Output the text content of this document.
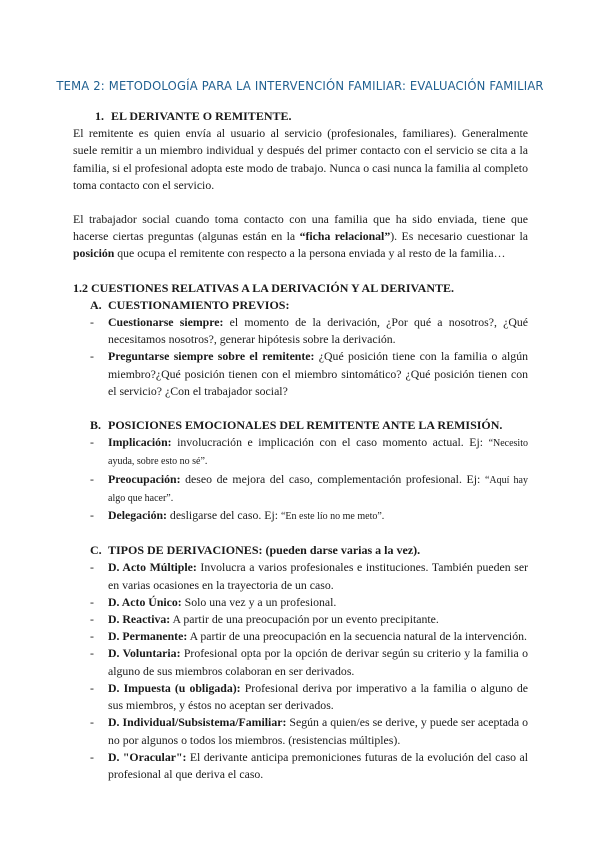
TEMA 2: METODOLOGÍA PARA LA INTERVENCIÓN FAMILIAR: EVALUACIÓN FAMILIAR
1. EL DERIVANTE O REMITENTE.

El remitente es quien envía al usuario al servicio (profesionales, familiares). Generalmente suele remitir a un miembro individual y después del primer contacto con el servicio se cita a la familia, si el profesional adopta este modo de trabajo. Nunca o casi nunca la familia al completo toma contacto con el servicio.

El trabajador social cuando toma contacto con una familia que ha sido enviada, tiene que hacerse ciertas preguntas (algunas están en la “ficha relacional”). Es necesario cuestionar la posición que ocupa el remitente con respecto a la persona enviada y al resto de la familia…

1.2 CUESTIONES RELATIVAS A LA DERIVACIÓN Y AL DERIVANTE.
A. CUESTIONAMIENTO PREVIOS:
- Cuestionarse siempre: el momento de la derivación, ¿Por qué a nosotros?, ¿Qué necesitamos nosotros?, generar hipótesis sobre la derivación.
- Preguntarse siempre sobre el remitente: ¿Qué posición tiene con la familia o algún miembro?¿Qué posición tienen con el miembro sintomático? ¿Qué posición tienen con el servicio? ¿Con el trabajador social?
B. POSICIONES EMOCIONALES DEL REMITENTE ANTE LA REMISIÓN.
- Implicación: involucración e implicación con el caso momento actual. Ej: “Necesito ayuda, sobre esto no sé”.
- Preocupación: deseo de mejora del caso, complementación profesional. Ej: “Aquí hay algo que hacer”.
- Delegación: desligarse del caso. Ej: “En este lío no me meto”.
C. TIPOS DE DERIVACIONES: (pueden darse varias a la vez).
- D. Acto Múltiple: Involucra a varios profesionales e instituciones. También pueden ser en varias ocasiones en la trayectoria de un caso.
- D. Acto Único: Solo una vez y a un profesional.
- D. Reactiva: A partir de una preocupación por un evento precipitante.
- D. Permanente: A partir de una preocupación en la secuencia natural de la intervención.
- D. Voluntaria: Profesional opta por la opción de derivar según su criterio y la familia o alguno de sus miembros colaboran en ser derivados.
- D. Impuesta (u obligada): Profesional deriva por imperativo a la familia o alguno de sus miembros, y éstos no aceptan ser derivados.
- D. Individual/Subsistema/Familiar: Según a quien/es se derive, y puede ser aceptada o no por algunos o todos los miembros. (resistencias múltiples).
- D. "Oracular": El derivante anticipa premoniciones futuras de la evolución del caso al profesional al que deriva el caso.
